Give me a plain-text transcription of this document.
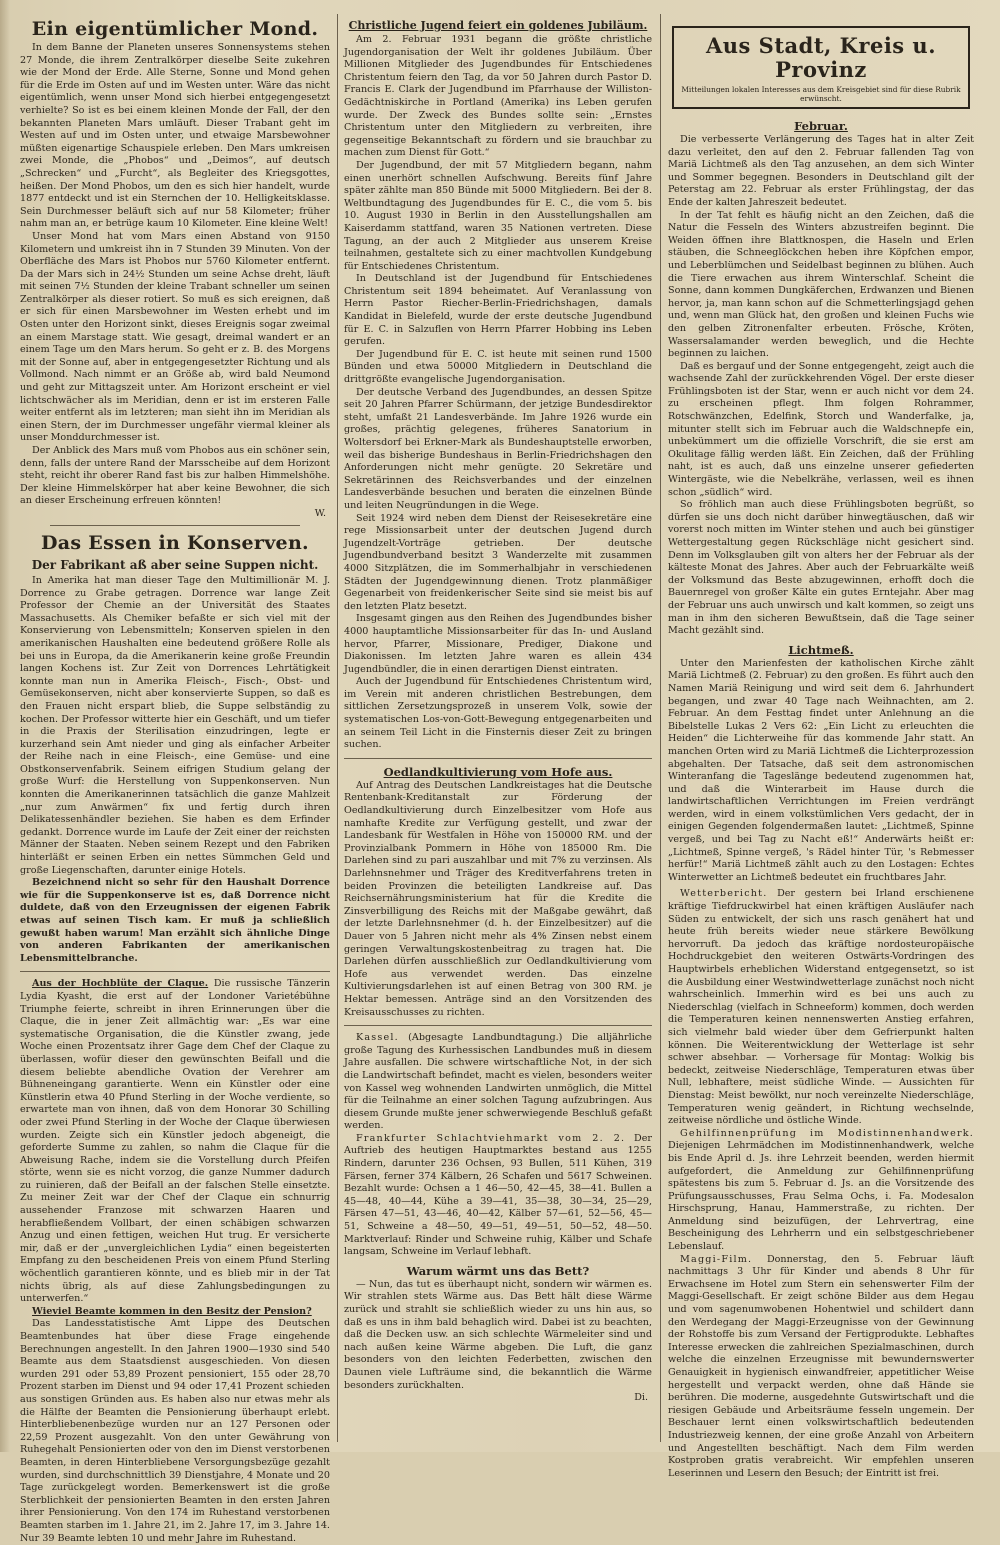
Ein eigentümlicher Mond.

In dem Banne der Planeten unseres Sonnensystems stehen 27 Monde, die ihrem Zentralkörper dieselbe Seite zukehren wie der Mond der Erde. Alle Sterne, Sonne und Mond gehen für die Erde im Osten auf und im Westen unter. Wäre das nicht eigentümlich, wenn unser Mond sich hierbei entgegengesetzt verhielte? So ist es bei einem kleinen Monde der Fall, der den bekannten Planeten Mars umläuft. Dieser Trabant geht im Westen auf und im Osten unter, und etwaige Marsbewohner müßten eigenartige Schauspiele erleben. Den Mars umkreisen zwei Monde, die „Phobos“ und „Deimos“, auf deutsch „Schrecken“ und „Furcht“, als Begleiter des Kriegsgottes, heißen. Der Mond Phobos, um den es sich hier handelt, wurde 1877 entdeckt und ist ein Sternchen der 10. Helligkeitsklasse. Sein Durchmesser beläuft sich auf nur 58 Kilometer; früher nahm man an, er betrüge kaum 10 Kilometer. Eine kleine Welt!

Unser Mond hat vom Mars einen Abstand von 9150 Kilometern und umkreist ihn in 7 Stunden 39 Minuten. Von der Oberfläche des Mars ist Phobos nur 5760 Kilometer entfernt. Da der Mars sich in 24½ Stunden um seine Achse dreht, läuft mit seinen 7½ Stunden der kleine Trabant schneller um seinen Zentralkörper als dieser rotiert. So muß es sich ereignen, daß er sich für einen Marsbewohner im Westen erhebt und im Osten unter den Horizont sinkt, dieses Ereignis sogar zweimal an einem Marstage statt. Wie gesagt, dreimal wandert er an einem Tage um den Mars herum. So geht er z. B. des Morgens mit der Sonne auf, aber in entgegengesetzter Richtung und als Vollmond. Nach nimmt er an Größe ab, wird bald Neumond und geht zur Mittagszeit unter. Am Horizont erscheint er viel lichtschwächer als im Meridian, denn er ist im ersteren Falle weiter entfernt als im letzteren; man sieht ihn im Meridian als einen Stern, der im Durchmesser ungefähr viermal kleiner als unser Monddurchmesser ist.

Der Anblick des Mars muß vom Phobos aus ein schöner sein, denn, falls der untere Rand der Marsscheibe auf dem Horizont steht, reicht ihr oberer Rand fast bis zur halben Himmelshöhe. Der kleine Himmelskörper hat aber keine Bewohner, die sich an dieser Erscheinung erfreuen könnten!

W.
Das Essen in Konserven.
Der Fabrikant aß aber seine Suppen nicht.

In Amerika hat man dieser Tage den Multimillionär M. J. Dorrence zu Grabe getragen. Dorrence war lange Zeit Professor der Chemie an der Universität des Staates Massachusetts. Als Chemiker befaßte er sich viel mit der Konservierung von Lebensmitteln; Konserven spielen in den amerikanischen Haushalten eine bedeutend größere Rolle als bei uns in Europa, da die Amerikanerin keine große Freundin langen Kochens ist. Zur Zeit von Dorrences Lehrtätigkeit konnte man nun in Amerika Fleisch-, Fisch-, Obst- und Gemüsekonserven, nicht aber konservierte Suppen, so daß es den Frauen nicht erspart blieb, die Suppe selbständig zu kochen. Der Professor witterte hier ein Geschäft, und um tiefer in die Praxis der Sterilisation einzudringen, legte er kurzerhand sein Amt nieder und ging als einfacher Arbeiter der Reihe nach in eine Fleisch-, eine Gemüse- und eine Obstkonservenfabrik. Seinem eifrigen Studium gelang der große Wurf: die Herstellung von Suppenkonserven. Nun konnten die Amerikanerinnen tatsächlich die ganze Mahlzeit „nur zum Anwärmen“ fix und fertig durch ihren Delikatessenhändler beziehen. Sie haben es dem Erfinder gedankt. Dorrence wurde im Laufe der Zeit einer der reichsten Männer der Staaten. Neben seinem Rezept und den Fabriken hinterläßt er seinen Erben ein nettes Sümmchen Geld und große Liegenschaften, darunter einige Hotels.

Bezeichnend nicht so sehr für den Haushalt Dorrence wie für die Suppenkonserve ist es, daß Dorrence nicht duldete, daß von den Erzeugnissen der eigenen Fabrik etwas auf seinen Tisch kam. Er muß ja schließlich gewußt haben warum! Man erzählt sich ähnliche Dinge von anderen Fabrikanten der amerikanischen Lebensmittelbranche.

Aus der Hochblüte der Claque. Die russische Tänzerin Lydia Kyasht, die erst auf der Londoner Varietébühne Triumphe feierte, schreibt in ihren Erinnerungen über die Claque, die in jener Zeit allmächtig war: „Es war eine systematische Organisation, die die Künstler zwang, jede Woche einen Prozentsatz ihrer Gage dem Chef der Claque zu überlassen, wofür dieser den gewünschten Beifall und die diesem beliebte abendliche Ovation der Verehrer am Bühneneingang garantierte. Wenn ein Künstler oder eine Künstlerin etwa 40 Pfund Sterling in der Woche verdiente, so erwartete man von ihnen, daß von dem Honorar 30 Schilling oder zwei Pfund Sterling in der Woche der Claque überwiesen wurden. Zeigte sich ein Künstler jedoch abgeneigt, die geforderte Summe zu zahlen, so nahm die Claque für die Abweisung Rache, indem sie die Vorstellung durch Pfeifen störte, wenn sie es nicht vorzog, die ganze Nummer dadurch zu ruinieren, daß der Beifall an der falschen Stelle einsetzte. Zu meiner Zeit war der Chef der Claque ein schnurrig aussehender Franzose mit schwarzen Haaren und herabfließendem Vollbart, der einen schäbigen schwarzen Anzug und einen fettigen, weichen Hut trug. Er versicherte mir, daß er der „unvergleichlichen Lydia“ einen begeisterten Empfang zu den bescheidenen Preis von einem Pfund Sterling wöchentlich garantieren könnte, und es blieb mir in der Tat nichts übrig, als auf diese Zahlungsbedingungen zu unterwerfen.“

Wieviel Beamte kommen in den Besitz der Pension?

Das Landesstatistische Amt Lippe des Deutschen Beamtenbundes hat über diese Frage eingehende Berechnungen angestellt. In den Jahren 1900—1930 sind 540 Beamte aus dem Staatsdienst ausgeschieden. Von diesen wurden 291 oder 53,89 Prozent pensioniert, 155 oder 28,70 Prozent starben im Dienst und 94 oder 17,41 Prozent schieden aus sonstigen Gründen aus. Es haben also nur etwas mehr als die Hälfte der Beamten die Pensionierung überhaupt erlebt. Hinterbliebenenbezüge wurden nur an 127 Personen oder 22,59 Prozent ausgezahlt. Von den unter Gewährung von Ruhegehalt Pensionierten oder von den im Dienst verstorbenen Beamten, in deren Hinterbliebene Versorgungsbezüge gezahlt wurden, sind durchschnittlich 39 Dienstjahre, 4 Monate und 20 Tage zurückgelegt worden. Bemerkenswert ist die große Sterblichkeit der pensionierten Beamten in den ersten Jahren ihrer Pensionierung. Von den 174 im Ruhestand verstorbenen Beamten starben im 1. Jahre 21, im 2. Jahre 17, im 3. Jahre 14. Nur 39 Beamte lebten 10 und mehr Jahre im Ruhestand.

Christliche Jugend feiert ein goldenes Jubiläum.

Am 2. Februar 1931 begann die größte christliche Jugendorganisation der Welt ihr goldenes Jubiläum. Über Millionen Mitglieder des Jugendbundes für Entschiedenes Christentum feiern den Tag, da vor 50 Jahren durch Pastor D. Francis E. Clark der Jugendbund im Pfarrhause der Williston-Gedächtniskirche in Portland (Amerika) ins Leben gerufen wurde. Der Zweck des Bundes sollte sein: „Ernstes Christentum unter den Mitgliedern zu verbreiten, ihre gegenseitige Bekanntschaft zu fördern und sie brauchbar zu machen zum Dienst für Gott.“

Der Jugendbund, der mit 57 Mitgliedern begann, nahm einen unerhört schnellen Aufschwung. Bereits fünf Jahre später zählte man 850 Bünde mit 5000 Mitgliedern. Bei der 8. Weltbundtagung des Jugendbundes für E. C., die vom 5. bis 10. August 1930 in Berlin in den Ausstellungshallen am Kaiserdamm stattfand, waren 35 Nationen vertreten. Diese Tagung, an der auch 2 Mitglieder aus unserem Kreise teilnahmen, gestaltete sich zu einer machtvollen Kundgebung für Entschiedenes Christentum.

In Deutschland ist der Jugendbund für Entschiedenes Christentum seit 1894 beheimatet. Auf Veranlassung von Herrn Pastor Riecher-Berlin-Friedrichshagen, damals Kandidat in Bielefeld, wurde der erste deutsche Jugendbund für E. C. in Salzuflen von Herrn Pfarrer Hobbing ins Leben gerufen.

Der Jugendbund für E. C. ist heute mit seinen rund 1500 Bünden und etwa 50000 Mitgliedern in Deutschland die drittgrößte evangelische Jugendorganisation.

Der deutsche Verband des Jugendbundes, an dessen Spitze seit 20 Jahren Pfarrer Schürmann, der jetzige Bundesdirektor steht, umfaßt 21 Landesverbände. Im Jahre 1926 wurde ein großes, prächtig gelegenes, früheres Sanatorium in Woltersdorf bei Erkner-Mark als Bundeshauptstelle erworben, weil das bisherige Bundeshaus in Berlin-Friedrichshagen den Anforderungen nicht mehr genügte. 20 Sekretäre und Sekretärinnen des Reichsverbandes und der einzelnen Landesverbände besuchen und beraten die einzelnen Bünde und leiten Neugründungen in die Wege.

Seit 1924 wird neben dem Dienst der Reisesekretäre eine rege Missionsarbeit unter der deutschen Jugend durch Jugendzelt-Vorträge getrieben. Der deutsche Jugendbundverband besitzt 3 Wanderzelte mit zusammen 4000 Sitzplätzen, die im Sommerhalbjahr in verschiedenen Städten der Jugendgewinnung dienen. Trotz planmäßiger Gegenarbeit von freidenkerischer Seite sind sie meist bis auf den letzten Platz besetzt.

Insgesamt gingen aus den Reihen des Jugendbundes bisher 4000 hauptamtliche Missionsarbeiter für das In- und Ausland hervor, Pfarrer, Missionare, Prediger, Diakone und Diakonissen. Im letzten Jahre waren es allein 434 Jugendbündler, die in einen derartigen Dienst eintraten.

Auch der Jugendbund für Entschiedenes Christentum wird, im Verein mit anderen christlichen Bestrebungen, dem sittlichen Zersetzungsprozeß in unserem Volk, sowie der systematischen Los-von-Gott-Bewegung entgegenarbeiten und an seinem Teil Licht in die Finsternis dieser Zeit zu bringen suchen.

Oedlandkultivierung vom Hofe aus.

Auf Antrag des Deutschen Landkreistages hat die Deutsche Rentenbank-Kreditanstalt zur Förderung der Oedlandkultivierung durch Einzelbesitzer vom Hofe aus namhafte Kredite zur Verfügung gestellt, und zwar der Landesbank für Westfalen in Höhe von 150000 RM. und der Provinzialbank Pommern in Höhe von 185000 Rm. Die Darlehen sind zu pari auszahlbar und mit 7% zu verzinsen. Als Darlehnsnehmer und Träger des Kreditverfahrens treten in beiden Provinzen die beteiligten Landkreise auf. Das Reichsernährungsministerium hat für die Kredite die Zinsverbilligung des Reichs mit der Maßgabe gewährt, daß der letzte Darlehnsnehmer (d. h. der Einzelbesitzer) auf die Dauer von 5 Jahren nicht mehr als 4% Zinsen nebst einem geringen Verwaltungskostenbeitrag zu tragen hat. Die Darlehen dürfen ausschließlich zur Oedlandkultivierung vom Hofe aus verwendet werden. Das einzelne Kultivierungsdarlehen ist auf einen Betrag von 300 RM. je Hektar bemessen. Anträge sind an den Vorsitzenden des Kreisausschusses zu richten.

Kassel. (Abgesagte Landbundtagung.) Die alljährliche große Tagung des Kurhessischen Landbundes muß in diesem Jahre ausfallen. Die schwere wirtschaftliche Not, in der sich die Landwirtschaft befindet, macht es vielen, besonders weiter von Kassel weg wohnenden Landwirten unmöglich, die Mittel für die Teilnahme an einer solchen Tagung aufzubringen. Aus diesem Grunde mußte jener schwerwiegende Beschluß gefaßt werden.

Frankfurter Schlachtviehmarkt vom 2. 2. Der Auftrieb des heutigen Hauptmarktes bestand aus 1255 Rindern, darunter 236 Ochsen, 93 Bullen, 511 Kühen, 319 Färsen, ferner 374 Kälbern, 26 Schafen und 5617 Schweinen. Bezahlt wurde: Ochsen a 1 46—50, 42—45, 38—41. Bullen a 45—48, 40—44, Kühe a 39—41, 35—38, 30—34, 25—29, Färsen 47—51, 43—46, 40—42, Kälber 57—61, 52—56, 45—51, Schweine a 48—50, 49—51, 49—51, 50—52, 48—50. Marktverlauf: Rinder und Schweine ruhig, Kälber und Schafe langsam, Schweine im Verlauf lebhaft.

Warum wärmt uns das Bett?

— Nun, das tut es überhaupt nicht, sondern wir wärmen es. Wir strahlen stets Wärme aus. Das Bett hält diese Wärme zurück und strahlt sie schließlich wieder zu uns hin aus, so daß es uns in ihm bald behaglich wird. Dabei ist zu beachten, daß die Decken usw. an sich schlechte Wärmeleiter sind und nach außen keine Wärme abgeben. Die Luft, die ganz besonders von den leichten Federbetten, zwischen den Daunen viele Lufträume sind, die bekanntlich die Wärme besonders zurückhalten.

Di.
Aus Stadt, Kreis u. Provinz
Mitteilungen lokalen Interesses aus dem Kreisgebiet sind für diese Rubrik erwünscht.
Februar.

Die verbesserte Verlängerung des Tages hat in alter Zeit dazu verleitet, den auf den 2. Februar fallenden Tag von Mariä Lichtmeß als den Tag anzusehen, an dem sich Winter und Sommer begegnen. Besonders in Deutschland gilt der Peterstag am 22. Februar als erster Frühlingstag, der das Ende der kalten Jahreszeit bedeutet.

In der Tat fehlt es häufig nicht an den Zeichen, daß die Natur die Fesseln des Winters abzustreifen beginnt. Die Weiden öffnen ihre Blattknospen, die Haseln und Erlen stäuben, die Schneeglöckchen heben ihre Köpfchen empor, und Leberblümchen und Seidelbast beginnen zu blühen. Auch die Tiere erwachen aus ihrem Winterschlaf. Scheint die Sonne, dann kommen Dungkäferchen, Erdwanzen und Bienen hervor, ja, man kann schon auf die Schmetterlingsjagd gehen und, wenn man Glück hat, den großen und kleinen Fuchs wie den gelben Zitronenfalter erbeuten. Frösche, Kröten, Wassersalamander werden beweglich, und die Hechte beginnen zu laichen.

Daß es bergauf und der Sonne entgegengeht, zeigt auch die wachsende Zahl der zurückkehrenden Vögel. Der erste dieser Frühlingsboten ist der Star, wenn er auch nicht vor dem 24. zu erscheinen pflegt. Ihm folgen Rohrammer, Rotschwänzchen, Edelfink, Storch und Wanderfalke, ja, mitunter stellt sich im Februar auch die Waldschnepfe ein, unbekümmert um die offizielle Vorschrift, die sie erst am Okulitage fällig werden läßt. Ein Zeichen, daß der Frühling naht, ist es auch, daß uns einzelne unserer gefiederten Wintergäste, wie die Nebelkrähe, verlassen, weil es ihnen schon „südlich“ wird.

So fröhlich man auch diese Frühlingsboten begrüßt, so dürfen sie uns doch nicht darüber hinwegtäuschen, daß wir vorerst noch mitten im Winter stehen und auch bei günstiger Wettergestaltung gegen Rückschläge nicht gesichert sind. Denn im Volksglauben gilt von alters her der Februar als der kälteste Monat des Jahres. Aber auch der Februarkälte weiß der Volksmund das Beste abzugewinnen, erhofft doch die Bauernregel von großer Kälte ein gutes Erntejahr. Aber mag der Februar uns auch unwirsch und kalt kommen, so zeigt uns man in ihm den sicheren Bewußtsein, daß die Tage seiner Macht gezählt sind.

Lichtmeß.

Unter den Marienfesten der katholischen Kirche zählt Mariä Lichtmeß (2. Februar) zu den großen. Es führt auch den Namen Mariä Reinigung und wird seit dem 6. Jahrhundert begangen, und zwar 40 Tage nach Weihnachten, am 2. Februar. An dem Festtag findet unter Anlehnung an die Bibelstelle Lukas 2 Vers 62: „Ein Licht zu erleuchten die Heiden“ die Lichterweihe für das kommende Jahr statt. An manchen Orten wird zu Mariä Lichtmeß die Lichterprozession abgehalten. Der Tatsache, daß seit dem astronomischen Winteranfang die Tageslänge bedeutend zugenommen hat, und daß die Winterarbeit im Hause durch die landwirtschaftlichen Verrichtungen im Freien verdrängt werden, wird in einem volkstümlichen Vers gedacht, der in einigen Gegenden folgendermaßen lautet: „Lichtmeß, Spinne vergeß, und bei Tag zu Nacht eß!“ Anderwärts heißt er: „Lichtmeß, Spinne vergeß, 's Rädel hinter Tür, 's Rebmesser herfür!“ Mariä Lichtmeß zählt auch zu den Lostagen: Echtes Winterwetter an Lichtmeß bedeutet ein fruchtbares Jahr.

Wetterbericht. Der gestern bei Irland erschienene kräftige Tiefdruckwirbel hat einen kräftigen Ausläufer nach Süden zu entwickelt, der sich uns rasch genähert hat und heute früh bereits wieder neue stärkere Bewölkung hervorruft. Da jedoch das kräftige nordosteuropäische Hochdruckgebiet den weiteren Ostwärts-Vordringen des Hauptwirbels erheblichen Widerstand entgegensetzt, so ist die Ausbildung einer Westwindwetterlage zunächst noch nicht wahrscheinlich. Immerhin wird es bei uns auch zu Niederschlag (vielfach in Schneeform) kommen, doch werden die Temperaturen keinen nennenswerten Anstieg erfahren, sich vielmehr bald wieder über dem Gefrierpunkt halten können. Die Weiterentwicklung der Wetterlage ist sehr schwer absehbar. — Vorhersage für Montag: Wolkig bis bedeckt, zeitweise Niederschläge, Temperaturen etwas über Null, lebhaftere, meist südliche Winde. — Aussichten für Dienstag: Meist bewölkt, nur noch vereinzelte Niederschläge, Temperaturen wenig geändert, in Richtung wechselnde, zeitweise nördliche und östliche Winde.

Gehilfinnenprüfung im Modistinnenhandwerk. Diejenigen Lehrmädchen im Modistinnenhandwerk, welche bis Ende April d. Js. ihre Lehrzeit beenden, werden hiermit aufgefordert, die Anmeldung zur Gehilfinnenprüfung spätestens bis zum 5. Februar d. Js. an die Vorsitzende des Prüfungsausschusses, Frau Selma Ochs, i. Fa. Modesalon Hirschsprung, Hanau, Hammerstraße, zu richten. Der Anmeldung sind beizufügen, der Lehrvertrag, eine Bescheinigung des Lehrherrn und ein selbstgeschriebener Lebenslauf.

Maggi-Film. Donnerstag, den 5. Februar läuft nachmittags 3 Uhr für Kinder und abends 8 Uhr für Erwachsene im Hotel zum Stern ein sehenswerter Film der Maggi-Gesellschaft. Er zeigt schöne Bilder aus dem Hegau und vom sagenumwobenen Hohentwiel und schildert dann den Werdegang der Maggi-Erzeugnisse von der Gewinnung der Rohstoffe bis zum Versand der Fertigprodukte. Lebhaftes Interesse erwecken die zahlreichen Spezialmaschinen, durch welche die einzelnen Erzeugnisse mit bewundernswerter Genauigkeit in hygienisch einwandfreier, appetitlicher Weise hergestellt und verpackt werden, ohne daß Hände sie berühren. Die moderne, ausgedehnte Gutswirtschaft und die riesigen Gebäude und Arbeitsräume fesseln ungemein. Der Beschauer lernt einen volkswirtschaftlich bedeutenden Industriezweig kennen, der eine große Anzahl von Arbeitern und Angestellten beschäftigt. Nach dem Film werden Kostproben gratis verabreicht. Wir empfehlen unseren Leserinnen und Lesern den Besuch; der Eintritt ist frei.
